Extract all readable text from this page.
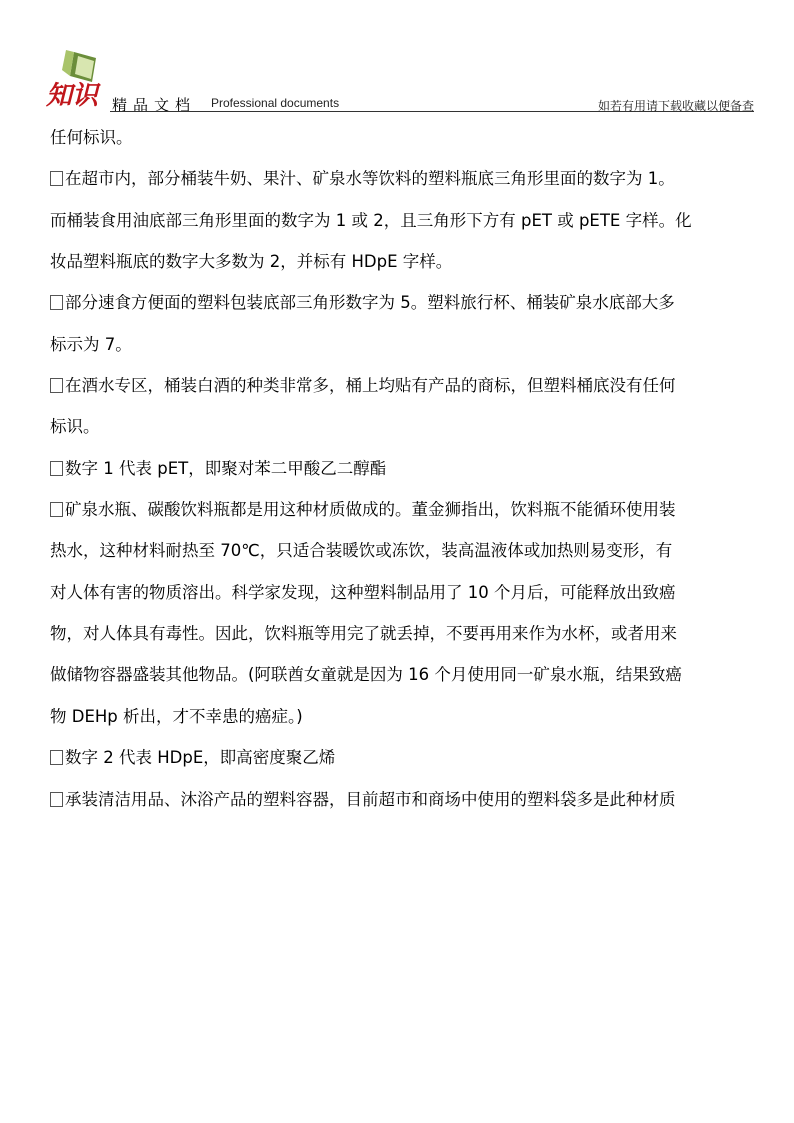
知识 精品文档 Professional documents	如若有用请下载收藏以便备查
任何标识。
在超市内，部分桶装牛奶、果汁、矿泉水等饮料的塑料瓶底三角形里面的数字为 1。
而桶装食用油底部三角形里面的数字为 1 或 2，且三角形下方有 pET 或 pETE 字样。化
妆品塑料瓶底的数字大多数为 2，并标有 HDpE 字样。
部分速食方便面的塑料包装底部三角形数字为 5。塑料旅行杯、桶装矿泉水底部大多
标示为 7。
在酒水专区，桶装白酒的种类非常多，桶上均贴有产品的商标，但塑料桶底没有任何
标识。
数字 1 代表 pET，即聚对苯二甲酸乙二醇酯
矿泉水瓶、碳酸饮料瓶都是用这种材质做成的。董金狮指出，饮料瓶不能循环使用装
热水，这种材料耐热至 70℃，只适合装暖饮或冻饮，装高温液体或加热则易变形，有
对人体有害的物质溶出。科学家发现，这种塑料制品用了 10 个月后，可能释放出致癌
物，对人体具有毒性。因此，饮料瓶等用完了就丢掉，不要再用来作为水杯，或者用来
做储物容器盛装其他物品。(阿联酋女童就是因为 16 个月使用同一矿泉水瓶，结果致癌
物 DEHp 析出，才不幸患的癌症。)
数字 2 代表 HDpE，即高密度聚乙烯
承装清洁用品、沐浴产品的塑料容器，目前超市和商场中使用的塑料袋多是此种材质
